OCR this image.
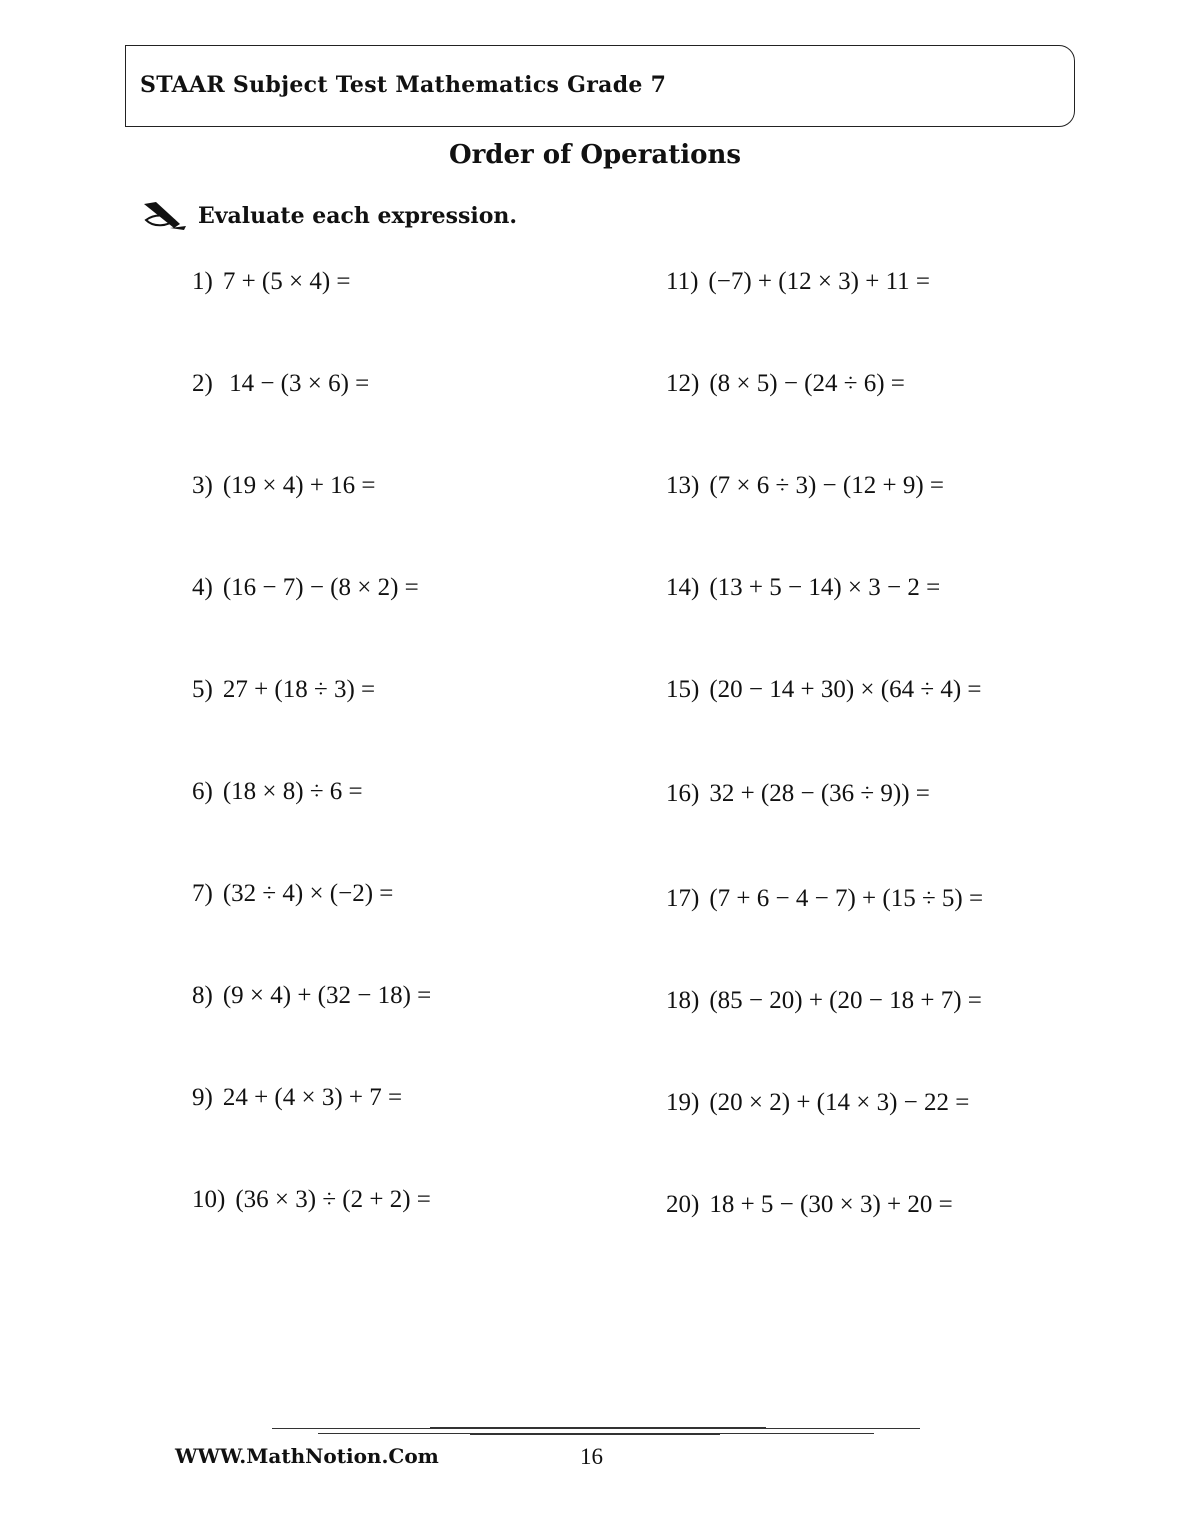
STAAR Subject Test Mathematics Grade 7
Order of Operations
Evaluate each expression.
1) 7 + (5 × 4) =
2) 14 − (3 × 6) =
3) (19 × 4) + 16 =
4) (16 − 7) − (8 × 2) =
5) 27 + (18 ÷ 3) =
6) (18 × 8) ÷ 6 =
7) (32 ÷ 4) × (−2) =
8) (9 × 4) + (32 − 18) =
9) 24 + (4 × 3) + 7 =
10) (36 × 3) ÷ (2 + 2) =
11) (−7) + (12 × 3) + 11 =
12) (8 × 5) − (24 ÷ 6) =
13) (7 × 6 ÷ 3) − (12 + 9) =
14) (13 + 5 − 14) × 3 − 2 =
15) (20 − 14 + 30) × (64 ÷ 4) =
16) 32 + (28 − (36 ÷ 9)) =
17) (7 + 6 − 4 − 7) + (15 ÷ 5) =
18) (85 − 20) + (20 − 18 + 7) =
19) (20 × 2) + (14 × 3) − 22 =
20) 18 + 5 − (30 × 3) + 20 =
WWW.MathNotion.Com	16
